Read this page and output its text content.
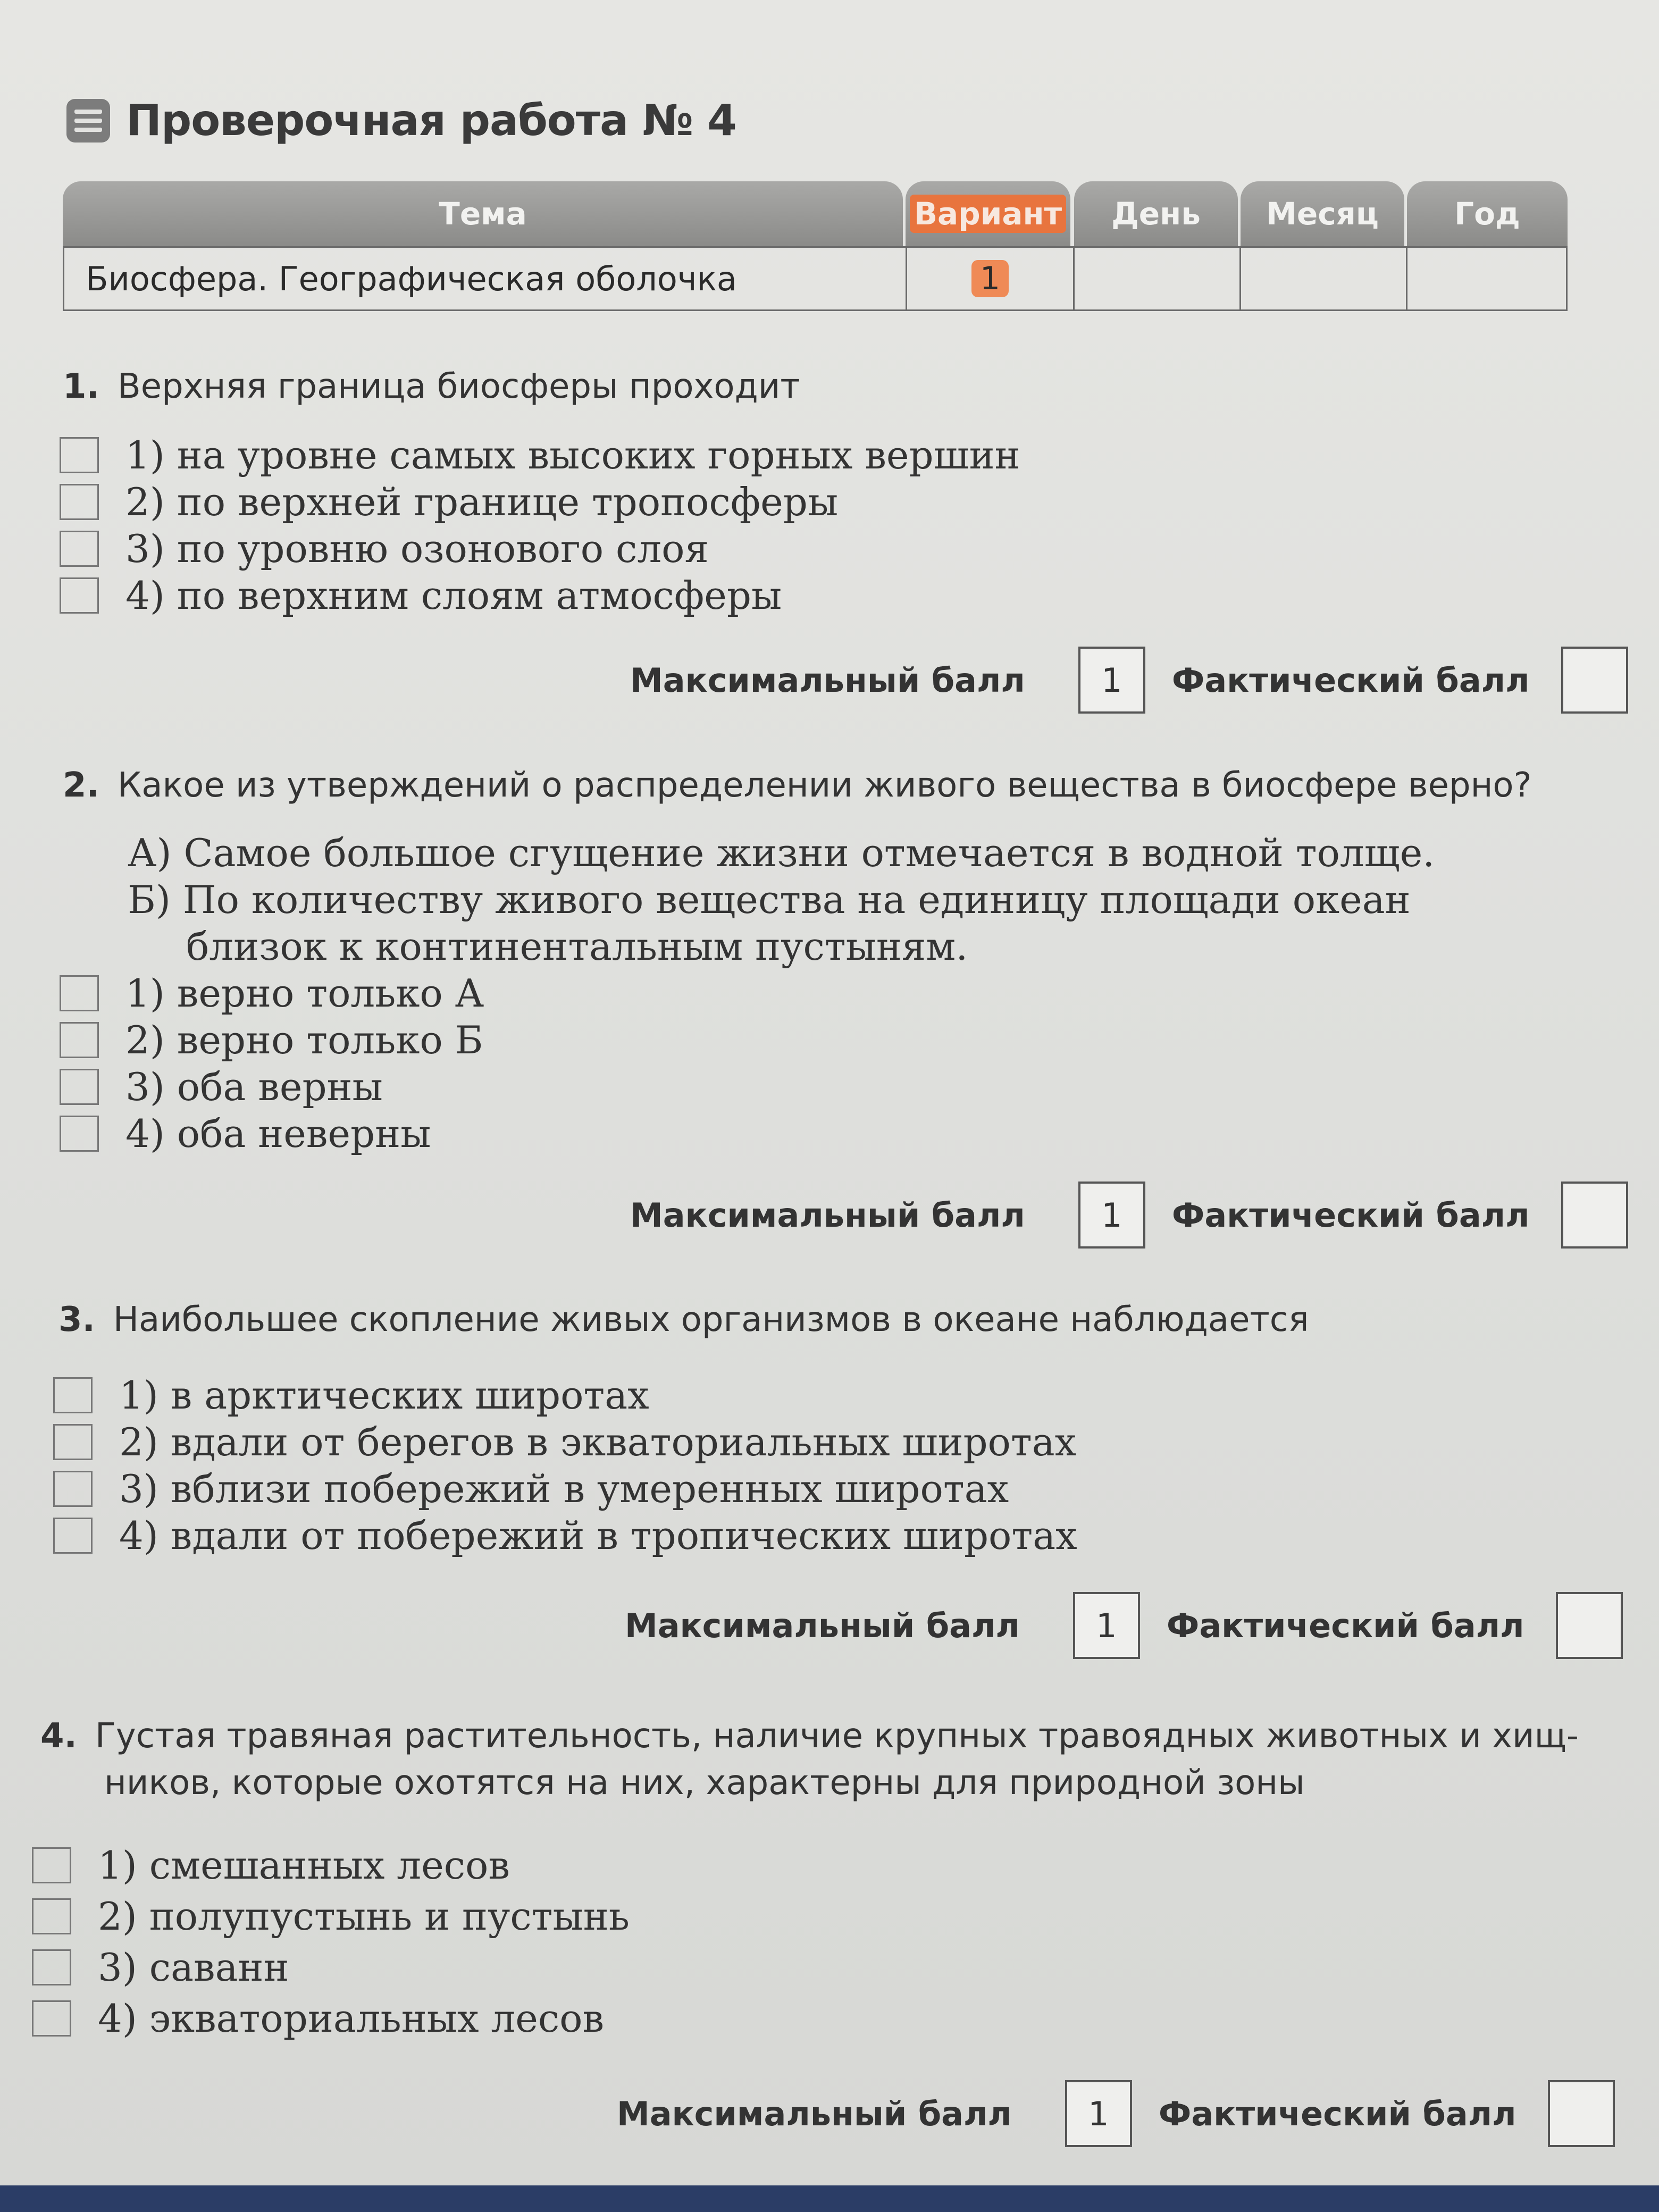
Проверочная работа № 4
Тема	Вариант День Месяц Год
Биосфера. Географическая оболочка	1
1. Верхняя граница биосферы проходит
1) на уровне самых высоких горных вершин
2) по верхней границе тропосферы
3) по уровню озонового слоя
4) по верхним слоям атмосферы
Максимальный балл	1	Фактический балл
2. Какое из утверждений о распределении живого вещества в биосфере верно?
А) Самое большое сгущение жизни отмечается в водной толще.
Б) По количеству живого вещества на единицу площади океан
близок к континентальным пустыням.
1) верно только А
2) верно только Б
3) оба верны
4) оба неверны
Максимальный балл	1	Фактический балл
3. Наибольшее скопление живых организмов в океане наблюдается
1) в арктических широтах
2) вдали от берегов в экваториальных широтах
3) вблизи побережий в умеренных широтах
4) вдали от побережий в тропических широтах
Максимальный балл	1	Фактический балл
4. Густая травяная растительность, наличие крупных травоядных животных и хищ-
ников, которые охотятся на них, характерны для природной зоны
1) смешанных лесов
2) полупустынь и пустынь
3) саванн
4) экваториальных лесов
Максимальный балл	1	Фактический балл
